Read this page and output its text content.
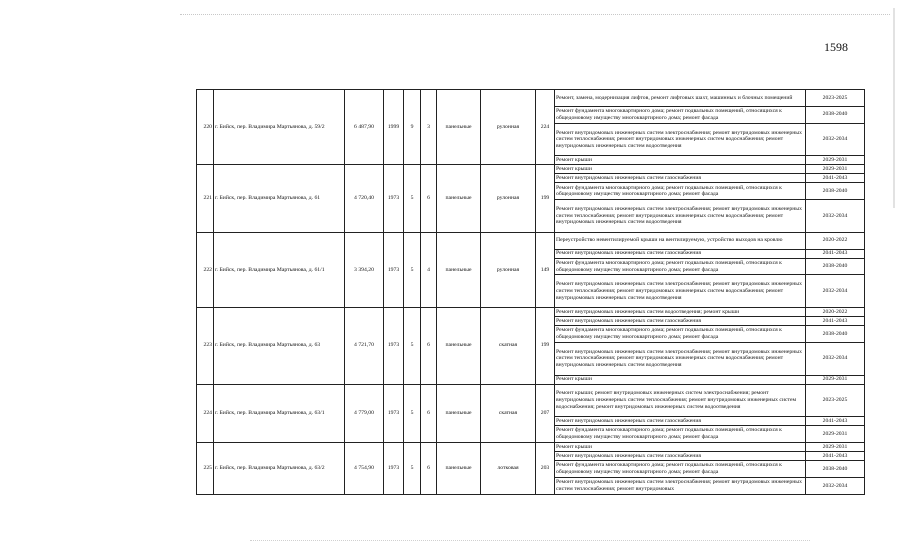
1598
220	г. Бийск, пер. Владимира Мартьянова, д. 59/2	6 487,90	1999	9	3	панельные	рулонная	224	Ремонт, замена, модернизация лифтов, ремонт лифтовых шахт, машинных и блочных помещений	2023-2025
									Ремонт фундамента многоквартирного дома; ремонт подвальных помещений, относящихся к общедомовому имуществу многоквартирного дома; ремонт фасада	2038-2040
									Ремонт внутридомовых инженерных систем электроснабжения; ремонт внутридомовых инженерных систем теплоснабжения; ремонт внутридомовых инженерных систем водоснабжения; ремонт внутридомовых инженерных систем водоотведения	2032-2034
									Ремонт крыши	2029-2031
221	г. Бийск, пер. Владимира Мартьянова, д. 61	4 720,40	1973	5	6	панельные	рулонная	199	Ремонт крыши	2029-2031
									Ремонт внутридомовых инженерных систем газоснабжения	2041-2043
									Ремонт фундамента многоквартирного дома; ремонт подвальных помещений, относящихся к общедомовому имуществу многоквартирного дома; ремонт фасада	2038-2040
									Ремонт внутридомовых инженерных систем электроснабжения; ремонт внутридомовых инженерных систем теплоснабжения; ремонт внутридомовых инженерных систем водоснабжения; ремонт внутридомовых инженерных систем водоотведения	2032-2034
222	г. Бийск, пер. Владимира Мартьянова, д. 61/1	3 394,20	1973	5	4	панельные	рулонная	149	Переустройство невентилируемой крыши на вентилируемую, устройство выходов на кровлю	2020-2022
									Ремонт внутридомовых инженерных систем газоснабжения	2041-2043
									Ремонт фундамента многоквартирного дома; ремонт подвальных помещений, относящихся к общедомовому имуществу многоквартирного дома; ремонт фасада	2038-2040
									Ремонт внутридомовых инженерных систем электроснабжения; ремонт внутридомовых инженерных систем теплоснабжения; ремонт внутридомовых инженерных систем водоснабжения; ремонт внутридомовых инженерных систем водоотведения	2032-2034
223	г. Бийск, пер. Владимира Мартьянова, д. 63	4 721,70	1973	5	6	панельные	скатная	199	Ремонт внутридомовых инженерных систем водоотведения; ремонт крыши	2020-2022
									Ремонт внутридомовых инженерных систем газоснабжения	2041-2043
									Ремонт фундамента многоквартирного дома; ремонт подвальных помещений, относящихся к общедомовому имуществу многоквартирного дома; ремонт фасада	2038-2040
									Ремонт внутридомовых инженерных систем электроснабжения; ремонт внутридомовых инженерных систем теплоснабжения; ремонт внутридомовых инженерных систем водоснабжения; ремонт внутридомовых инженерных систем водоотведения	2032-2034
									Ремонт крыши	2029-2031
224	г. Бийск, пер. Владимира Мартьянова, д. 63/1	4 779,00	1973	5	6	панельные	скатная	207	Ремонт крыши; ремонт внутридомовых инженерных систем электроснабжения; ремонт внутридомовых инженерных систем теплоснабжения; ремонт внутридомовых инженерных систем водоснабжения; ремонт внутридомовых инженерных систем водоотведения	2023-2025
									Ремонт внутридомовых инженерных систем газоснабжения	2041-2043
									Ремонт фундамента многоквартирного дома; ремонт подвальных помещений, относящихся к общедомовому имуществу многоквартирного дома; ремонт фасада	2029-2031
225	г. Бийск, пер. Владимира Мартьянова, д. 63/2	4 754,90	1973	5	6	панельные	лотковая	203	Ремонт крыши	2029-2031
									Ремонт внутридомовых инженерных систем газоснабжения	2041-2043
									Ремонт фундамента многоквартирного дома; ремонт подвальных помещений, относящихся к общедомовому имуществу многоквартирного дома; ремонт фасада	2038-2040
									Ремонт внутридомовых инженерных систем электроснабжения; ремонт внутридомовых инженерных систем теплоснабжения; ремонт внутридомовых	2032-2034
